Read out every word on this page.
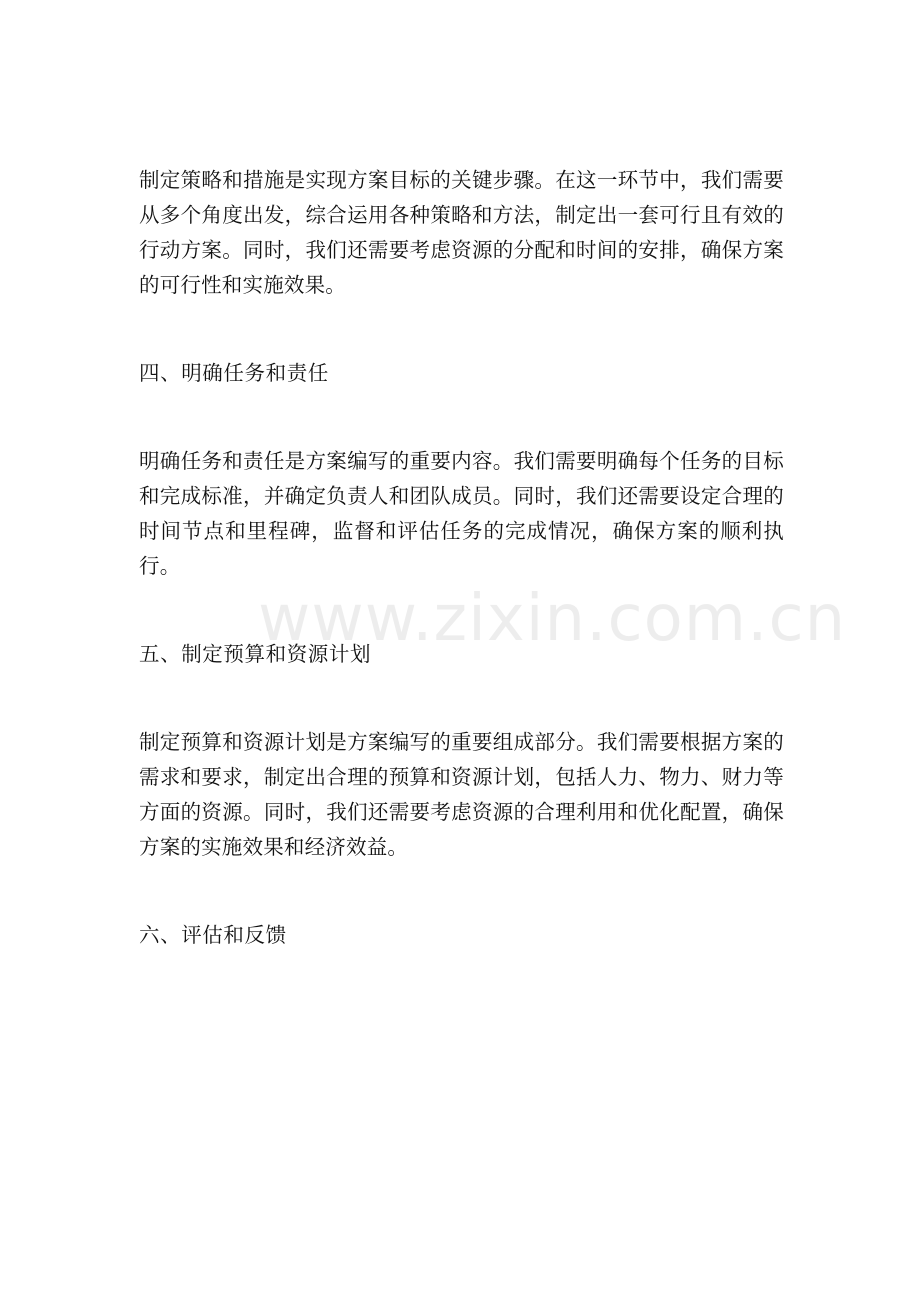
制定策略和措施是实现方案目标的关键步骤。在这一环节中，我们需要从多个角度出发，综合运用各种策略和方法，制定出一套可行且有效的行动方案。同时，我们还需要考虑资源的分配和时间的安排，确保方案的可行性和实施效果。

四、明确任务和责任

明确任务和责任是方案编写的重要内容。我们需要明确每个任务的目标和完成标准，并确定负责人和团队成员。同时，我们还需要设定合理的时间节点和里程碑，监督和评估任务的完成情况，确保方案的顺利执行。

五、制定预算和资源计划

制定预算和资源计划是方案编写的重要组成部分。我们需要根据方案的需求和要求，制定出合理的预算和资源计划，包括人力、物力、财力等方面的资源。同时，我们还需要考虑资源的合理利用和优化配置，确保方案的实施效果和经济效益。

六、评估和反馈

www.zixin.com.cn
